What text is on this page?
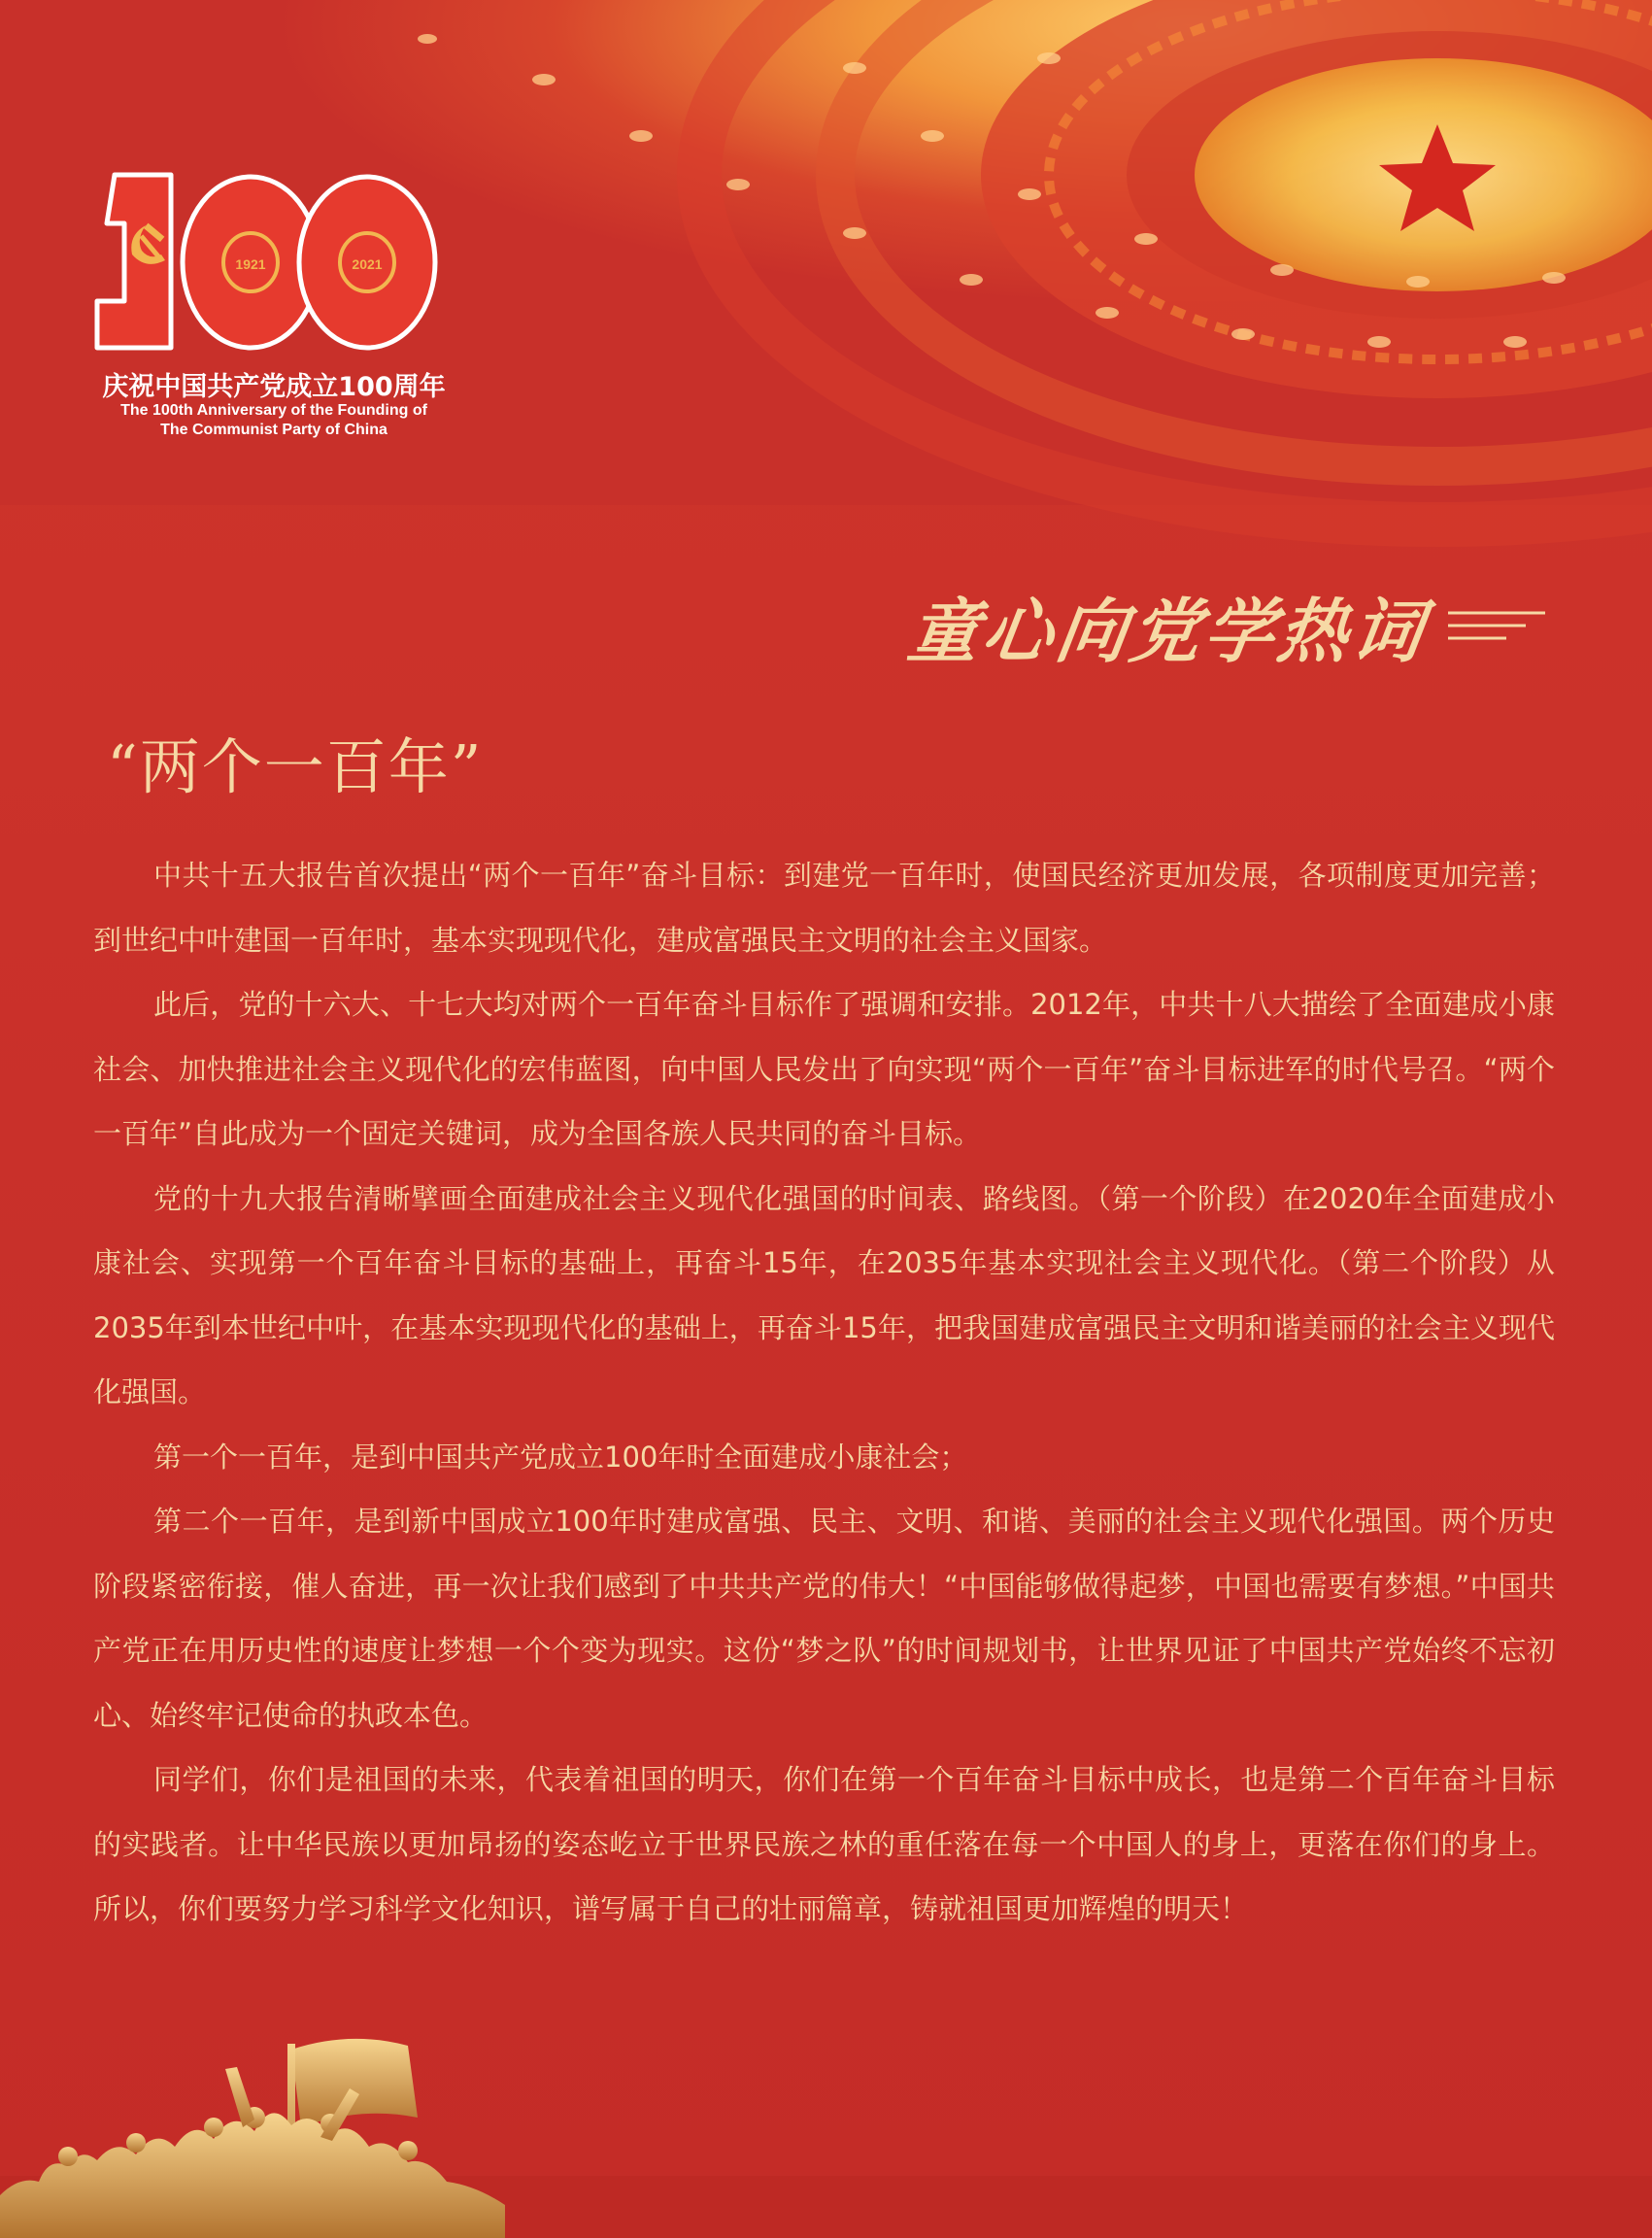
1921	2021
庆祝中国共产党成立100周年
The 100th Anniversary of the Founding of
The Communist Party of China
童心向党学热词
“两个一百年”

中共十五大报告首次提出“两个一百年”奋斗目标：到建党一百年时，使国民经济更加发展，各项制度更加完善；到世纪中叶建国一百年时，基本实现现代化，建成富强民主文明的社会主义国家。

此后，党的十六大、十七大均对两个一百年奋斗目标作了强调和安排。2012年，中共十八大描绘了全面建成小康社会、加快推进社会主义现代化的宏伟蓝图，向中国人民发出了向实现“两个一百年”奋斗目标进军的时代号召。“两个一百年”自此成为一个固定关键词，成为全国各族人民共同的奋斗目标。

党的十九大报告清晰擘画全面建成社会主义现代化强国的时间表、路线图。（第一个阶段）在2020年全面建成小康社会、实现第一个百年奋斗目标的基础上，再奋斗15年，在2035年基本实现社会主义现代化。（第二个阶段）从2035年到本世纪中叶，在基本实现现代化的基础上，再奋斗15年，把我国建成富强民主文明和谐美丽的社会主义现代化强国。

第一个一百年，是到中国共产党成立100年时全面建成小康社会；

第二个一百年，是到新中国成立100年时建成富强、民主、文明、和谐、美丽的社会主义现代化强国。两个历史阶段紧密衔接，催人奋进，再一次让我们感到了中共共产党的伟大！“中国能够做得起梦，中国也需要有梦想。”中国共产党正在用历史性的速度让梦想一个个变为现实。这份“梦之队”的时间规划书，让世界见证了中国共产党始终不忘初心、始终牢记使命的执政本色。

同学们，你们是祖国的未来，代表着祖国的明天，你们在第一个百年奋斗目标中成长，也是第二个百年奋斗目标的实践者。让中华民族以更加昂扬的姿态屹立于世界民族之林的重任落在每一个中国人的身上，更落在你们的身上。所以，你们要努力学习科学文化知识，谱写属于自己的壮丽篇章，铸就祖国更加辉煌的明天！
